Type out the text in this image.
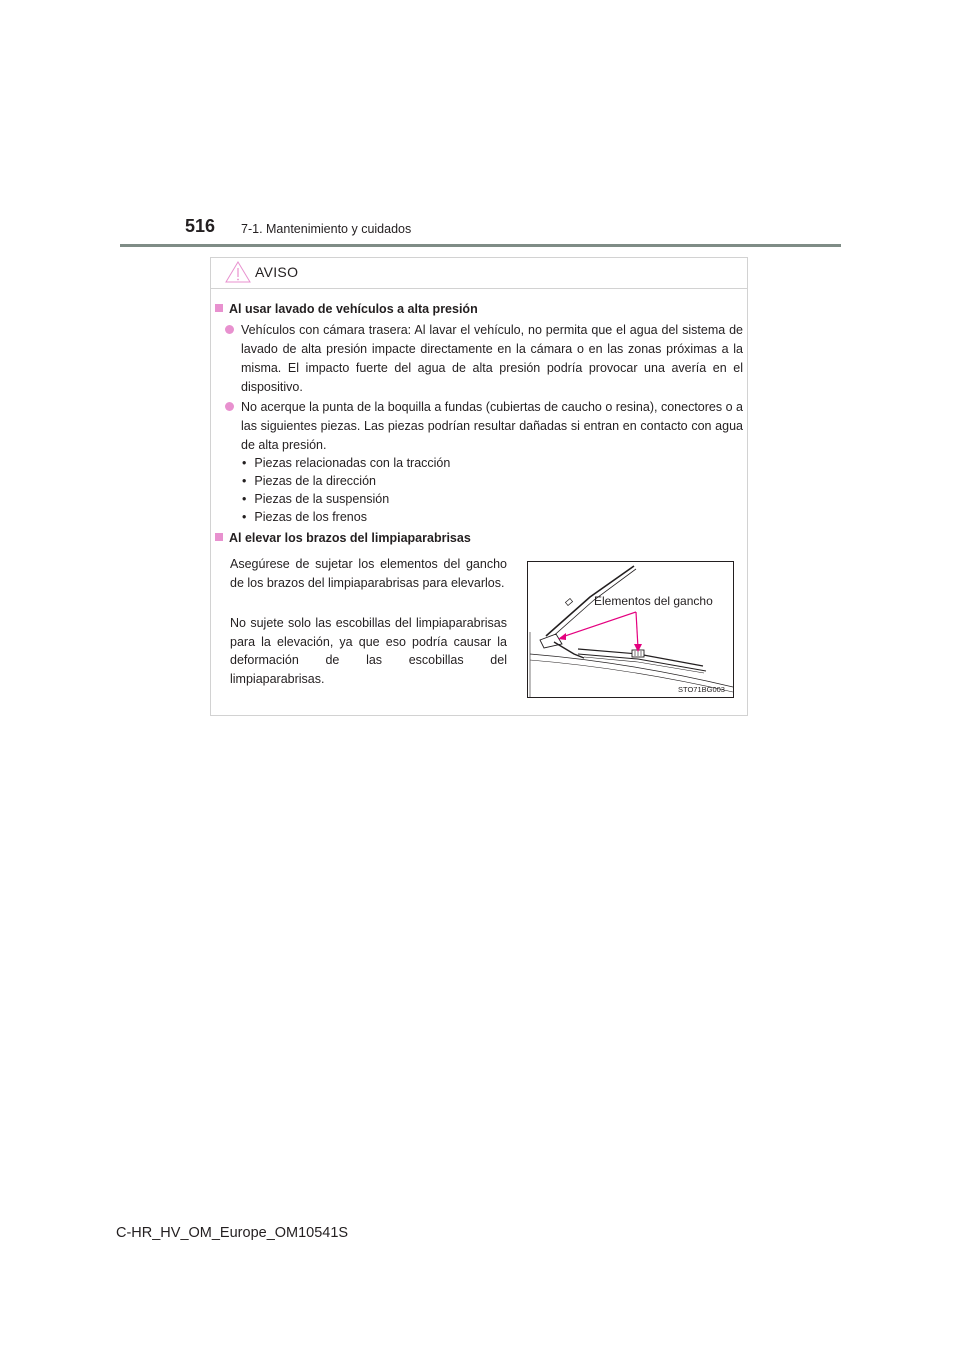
516 7-1. Mantenimiento y cuidados
AVISO
Al usar lavado de vehículos a alta presión
Vehículos con cámara trasera: Al lavar el vehículo, no permita que el agua del sistema de lavado de alta presión impacte directamente en la cámara o en las zonas próximas a la misma. El impacto fuerte del agua de alta presión podría provocar una avería en el dispositivo.
No acerque la punta de la boquilla a fundas (cubiertas de caucho o resina), conectores o a las siguientes piezas. Las piezas podrían resultar dañadas si entran en contacto con agua de alta presión.
• Piezas relacionadas con la tracción
• Piezas de la dirección
• Piezas de la suspensión
• Piezas de los frenos
Al elevar los brazos del limpiaparabrisas

Asegúrese de sujetar los elementos del gancho de los brazos del limpiaparabrisas para elevarlos.

No sujete solo las escobillas del limpiaparabrisas para la elevación, ya que eso podría causar la deformación de las escobillas del limpiaparabrisas.

Elementos del gancho
STO71BG003
C-HR_HV_OM_Europe_OM10541S
